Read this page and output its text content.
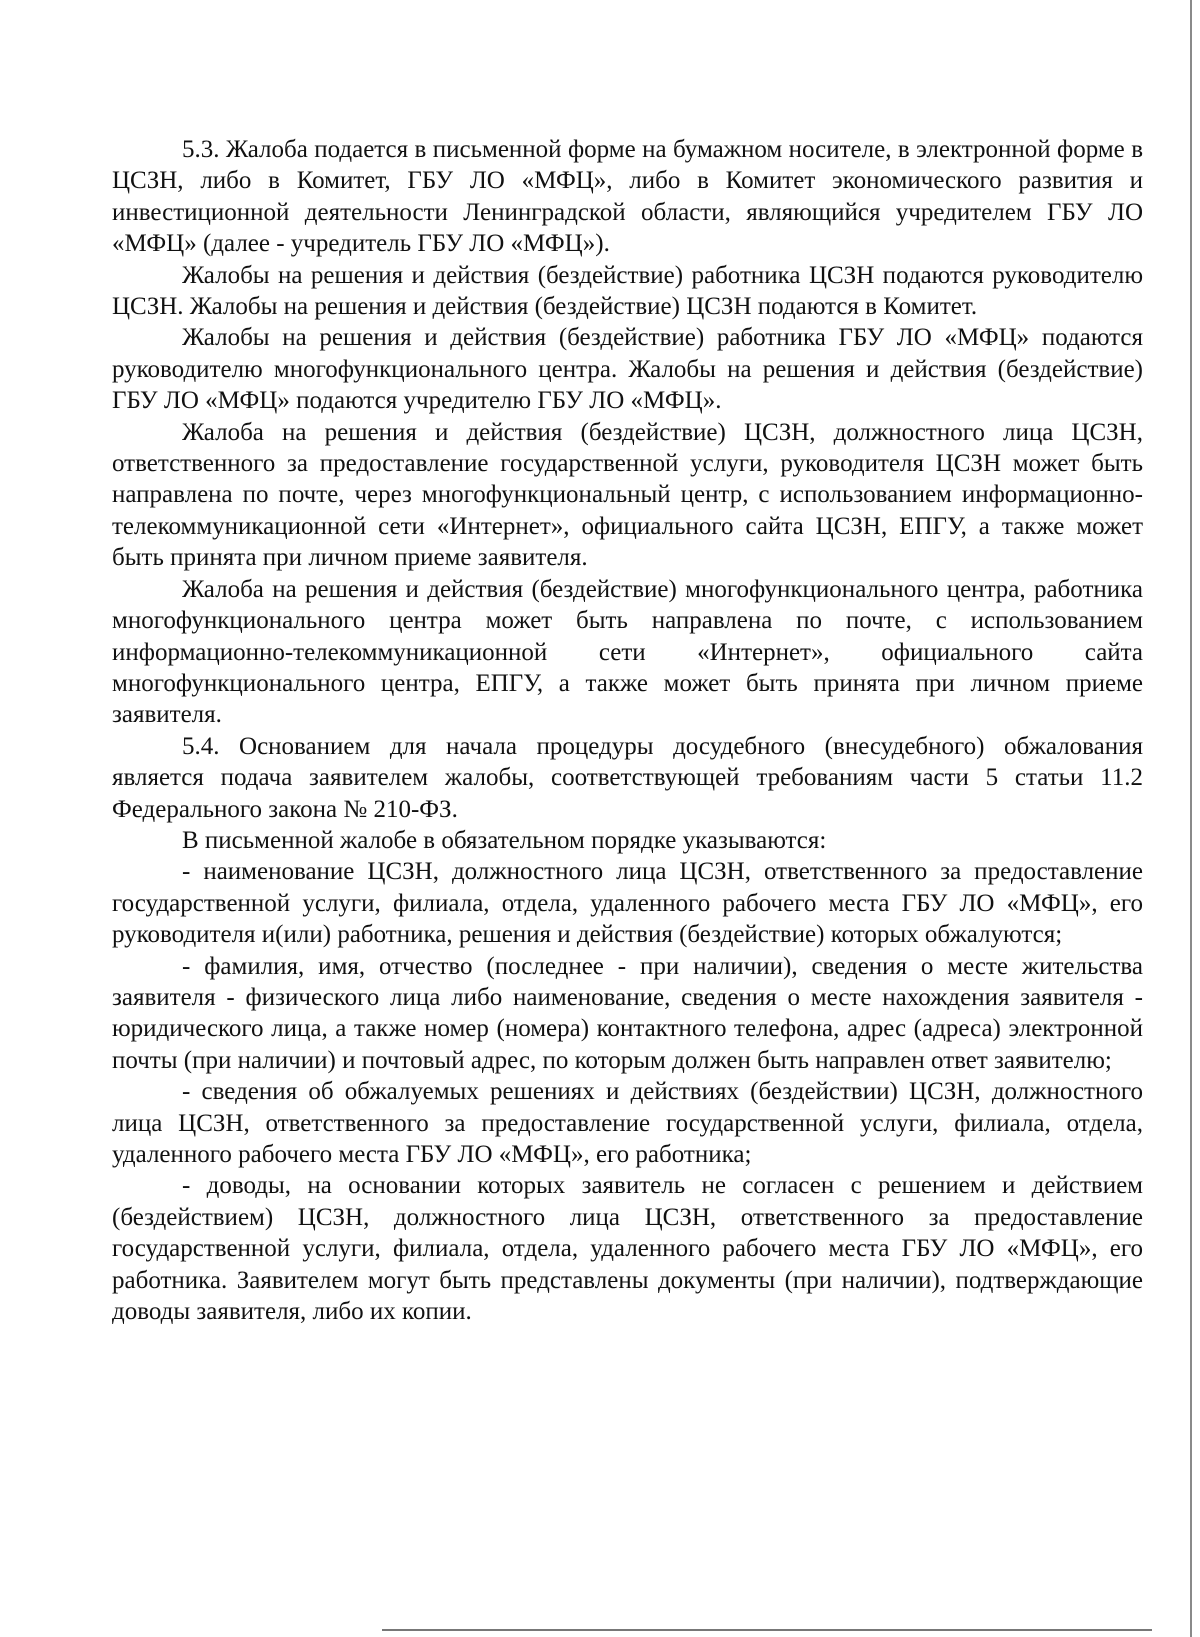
5.3. Жалоба подается в письменной форме на бумажном носителе, в электронной форме в ЦСЗН, либо в Комитет, ГБУ ЛО «МФЦ», либо в Комитет экономического развития и инвестиционной деятельности Ленинградской области, являющийся учредителем ГБУ ЛО «МФЦ» (далее - учредитель ГБУ ЛО «МФЦ»).

Жалобы на решения и действия (бездействие) работника ЦСЗН подаются руководителю ЦСЗН. Жалобы на решения и действия (бездействие) ЦСЗН подаются в Комитет.

Жалобы на решения и действия (бездействие) работника ГБУ ЛО «МФЦ» подаются руководителю многофункционального центра. Жалобы на решения и действия (бездействие) ГБУ ЛО «МФЦ» подаются учредителю ГБУ ЛО «МФЦ».

Жалоба на решения и действия (бездействие) ЦСЗН, должностного лица ЦСЗН, ответственного за предоставление государственной услуги, руководителя ЦСЗН может быть направлена по почте, через многофункциональный центр, с использованием информационно-телекоммуникационной сети «Интернет», официального сайта ЦСЗН, ЕПГУ, а также может быть принята при личном приеме заявителя.

Жалоба на решения и действия (бездействие) многофункционального центра, работника многофункционального центра может быть направлена по почте, с использованием информационно-телекоммуникационной сети «Интернет», официального сайта многофункционального центра, ЕПГУ, а также может быть принята при личном приеме заявителя.

5.4. Основанием для начала процедуры досудебного (внесудебного) обжалования является подача заявителем жалобы, соответствующей требованиям части 5 статьи 11.2 Федерального закона № 210-ФЗ.

В письменной жалобе в обязательном порядке указываются:

- наименование ЦСЗН, должностного лица ЦСЗН, ответственного за предоставление государственной услуги, филиала, отдела, удаленного рабочего места ГБУ ЛО «МФЦ», его руководителя и(или) работника, решения и действия (бездействие) которых обжалуются;

- фамилия, имя, отчество (последнее - при наличии), сведения о месте жительства заявителя - физического лица либо наименование, сведения о месте нахождения заявителя - юридического лица, а также номер (номера) контактного телефона, адрес (адреса) электронной почты (при наличии) и почтовый адрес, по которым должен быть направлен ответ заявителю;

- сведения об обжалуемых решениях и действиях (бездействии) ЦСЗН, должностного лица ЦСЗН, ответственного за предоставление государственной услуги, филиала, отдела, удаленного рабочего места ГБУ ЛО «МФЦ», его работника;

- доводы, на основании которых заявитель не согласен с решением и действием (бездействием) ЦСЗН, должностного лица ЦСЗН, ответственного за предоставление государственной услуги, филиала, отдела, удаленного рабочего места ГБУ ЛО «МФЦ», его работника. Заявителем могут быть представлены документы (при наличии), подтверждающие доводы заявителя, либо их копии.
